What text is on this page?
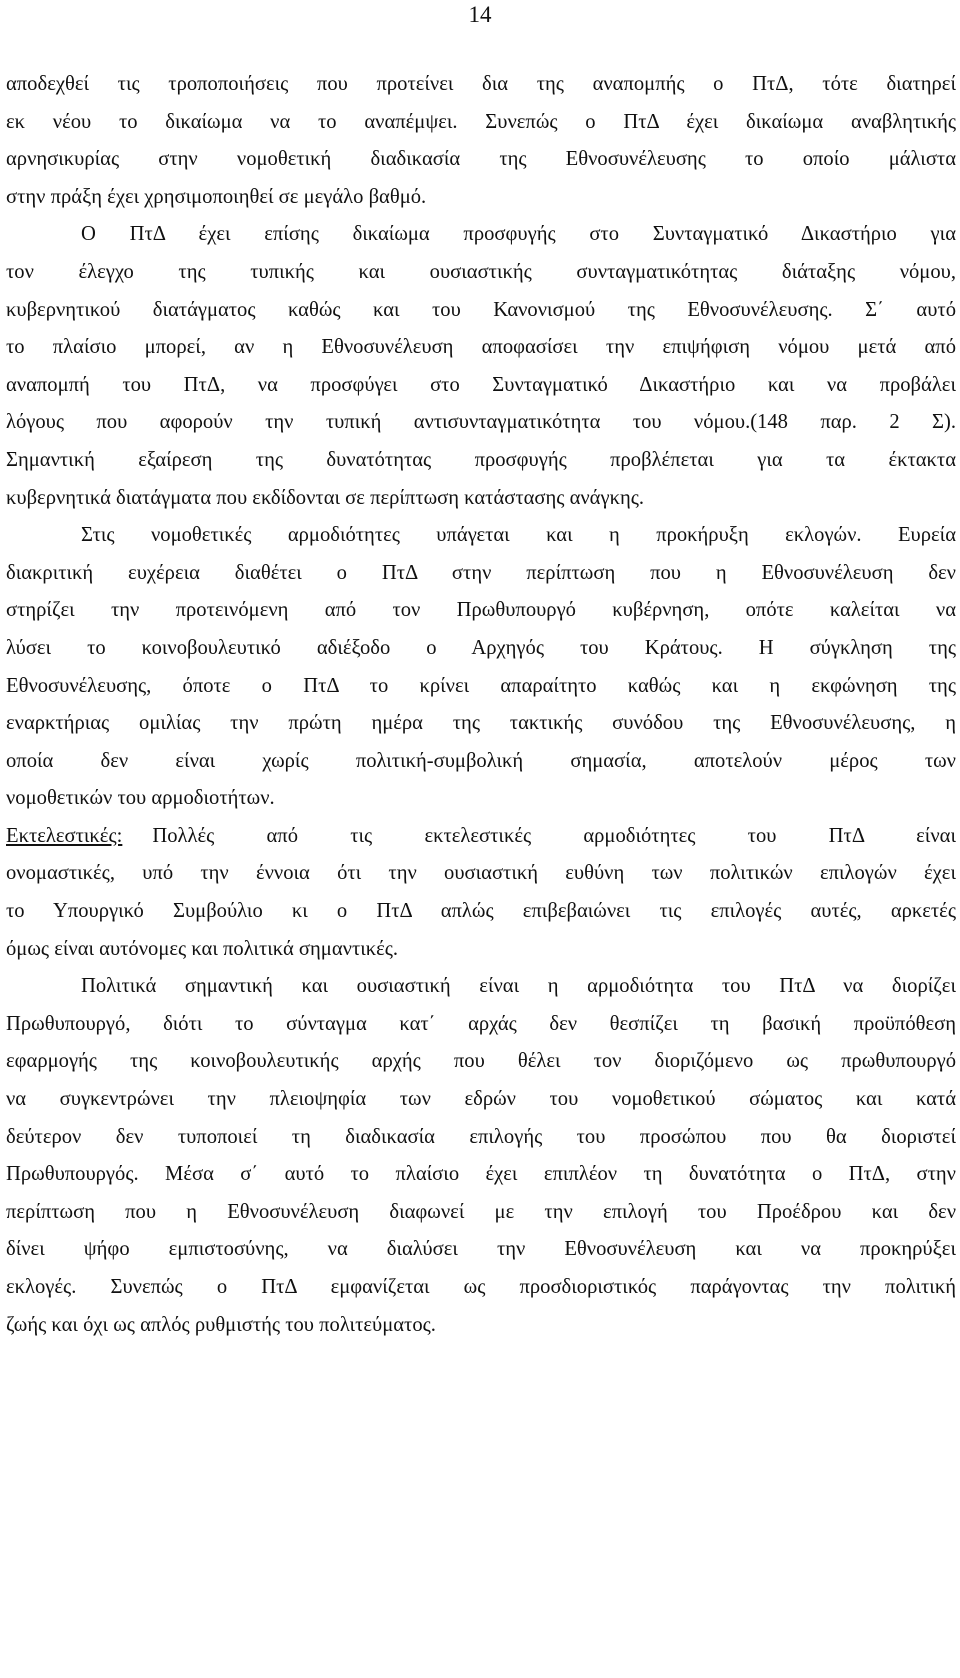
14
αποδεχθεί τις τροποποιήσεις που προτείνει δια της αναπομπής ο ΠτΔ, τότε διατηρεί
εκ νέου το δικαίωμα να το αναπέμψει. Συνεπώς ο ΠτΔ έχει δικαίωμα αναβλητικής
αρνησικυρίας στην νομοθετική διαδικασία της Εθνοσυνέλευσης το οποίο μάλιστα
στην πράξη έχει χρησιμοποιηθεί σε μεγάλο βαθμό.
Ο ΠτΔ έχει επίσης δικαίωμα προσφυγής στο Συνταγματικό Δικαστήριο για
τον έλεγχο της τυπικής και ουσιαστικής συνταγματικότητας διάταξης νόμου,
κυβερνητικού διατάγματος καθώς και του Κανονισμού της Εθνοσυνέλευσης. Σ΄ αυτό
το πλαίσιο μπορεί, αν η Εθνοσυνέλευση αποφασίσει την επιψήφιση νόμου μετά από
αναπομπή του ΠτΔ, να προσφύγει στο Συνταγματικό Δικαστήριο και να προβάλει
λόγους που αφορούν την τυπική αντισυνταγματικότητα του νόμου.(148 παρ. 2 Σ).
Σημαντική εξαίρεση της δυνατότητας προσφυγής προβλέπεται για τα έκτακτα
κυβερνητικά διατάγματα που εκδίδονται σε περίπτωση κατάστασης ανάγκης.
Στις νομοθετικές αρμοδιότητες υπάγεται και η προκήρυξη εκλογών. Ευρεία
διακριτική ευχέρεια διαθέτει ο ΠτΔ στην περίπτωση που η Εθνοσυνέλευση δεν
στηρίζει την προτεινόμενη από τον Πρωθυπουργό κυβέρνηση, οπότε καλείται να
λύσει το κοινοβουλευτικό αδιέξοδο ο Αρχηγός του Κράτους. Η σύγκληση της
Εθνοσυνέλευσης, όποτε ο ΠτΔ το κρίνει απαραίτητο καθώς και η εκφώνηση της
εναρκτήριας ομιλίας την πρώτη ημέρα της τακτικής συνόδου της Εθνοσυνέλευσης, η
οποία δεν είναι χωρίς πολιτική-συμβολική σημασία, αποτελούν μέρος των
νομοθετικών του αρμοδιοτήτων.
Εκτελεστικές: Πολλές από τις εκτελεστικές αρμοδιότητες του ΠτΔ είναι
ονομαστικές, υπό την έννοια ότι την ουσιαστική ευθύνη των πολιτικών επιλογών έχει
το Υπουργικό Συμβούλιο κι ο ΠτΔ απλώς επιβεβαιώνει τις επιλογές αυτές, αρκετές
όμως είναι αυτόνομες και πολιτικά σημαντικές.
Πολιτικά σημαντική και ουσιαστική είναι η αρμοδιότητα του ΠτΔ να διορίζει
Πρωθυπουργό, διότι το σύνταγμα κατ΄ αρχάς δεν θεσπίζει τη βασική προϋπόθεση
εφαρμογής της κοινοβουλευτικής αρχής που θέλει τον διοριζόμενο ως πρωθυπουργό
να συγκεντρώνει την πλειοψηφία των εδρών του νομοθετικού σώματος και κατά
δεύτερον δεν τυποποιεί τη διαδικασία επιλογής του προσώπου που θα διοριστεί
Πρωθυπουργός. Μέσα σ΄ αυτό το πλαίσιο έχει επιπλέον τη δυνατότητα ο ΠτΔ, στην
περίπτωση που η Εθνοσυνέλευση διαφωνεί με την επιλογή του Προέδρου και δεν
δίνει ψήφο εμπιστοσύνης, να διαλύσει την Εθνοσυνέλευση και να προκηρύξει
εκλογές. Συνεπώς ο ΠτΔ εμφανίζεται ως προσδιοριστικός παράγοντας την πολιτική
ζωής και όχι ως απλός ρυθμιστής του πολιτεύματος.
